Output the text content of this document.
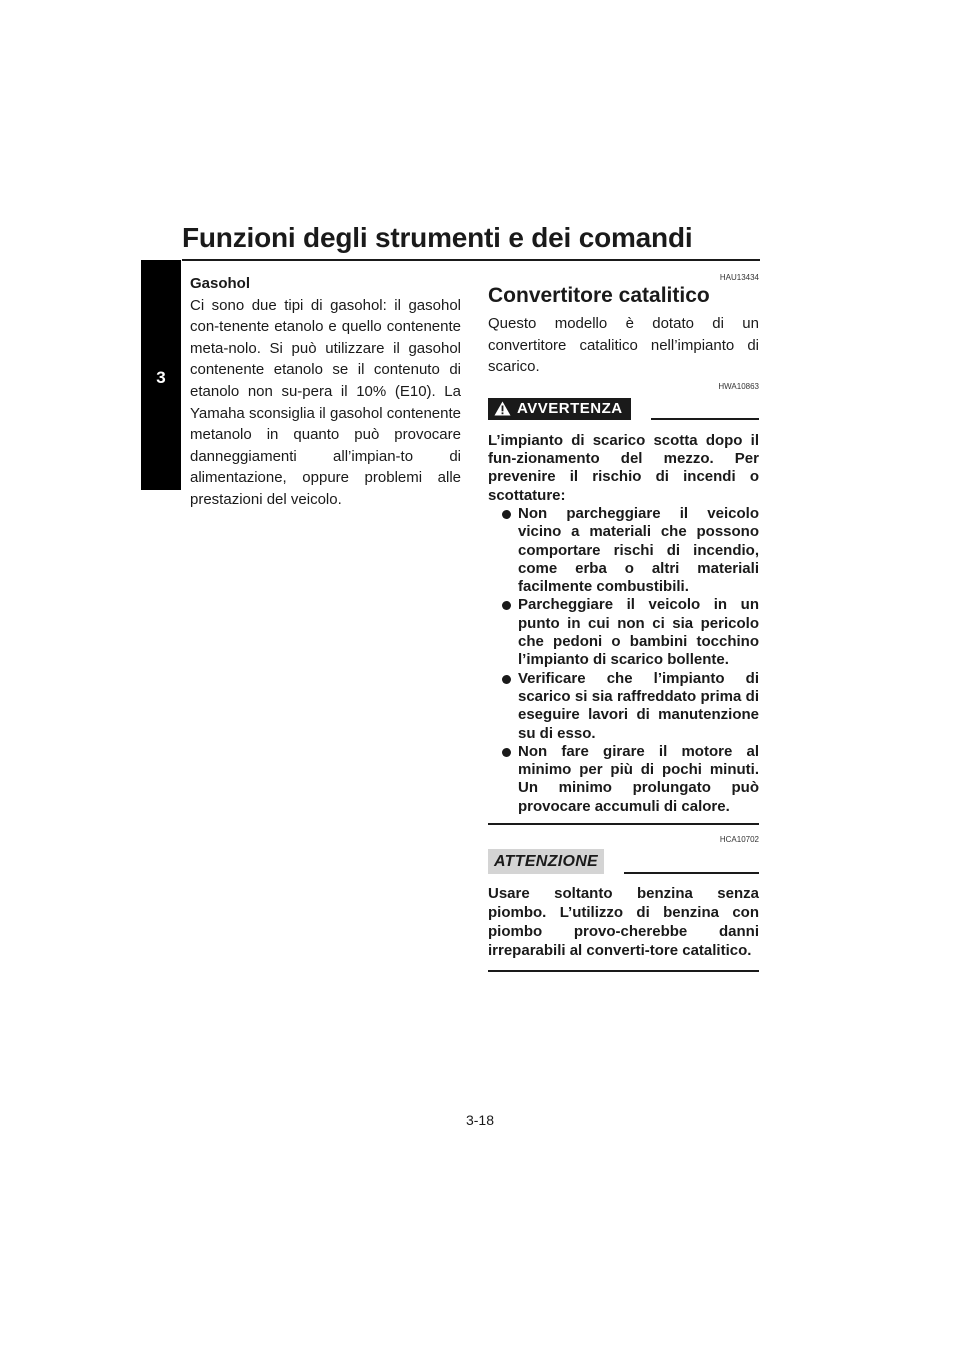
Funzioni degli strumenti e dei comandi
3
Gasohol
Ci sono due tipi di gasohol: il gasohol con-tenente etanolo e quello contenente meta-nolo. Si può utilizzare il gasohol contenente etanolo se il contenuto di etanolo non su-pera il 10% (E10). La Yamaha sconsiglia il gasohol contenente metanolo in quanto può provocare danneggiamenti all’impian-to di alimentazione, oppure problemi alle prestazioni del veicolo.
HAU13434
Convertitore catalitico
Questo modello è dotato di un convertitore catalitico nell’impianto di scarico.
HWA10863
AVVERTENZA
L’impianto di scarico scotta dopo il fun-zionamento del mezzo. Per prevenire il rischio di incendi o scottature:
Non parcheggiare il veicolo vicino a materiali che possono comportare rischi di incendio, come erba o altri materiali facilmente combustibili.
Parcheggiare il veicolo in un punto in cui non ci sia pericolo che pedoni o bambini tocchino l’impianto di scarico bollente.
Verificare che l’impianto di scarico si sia raffreddato prima di eseguire lavori di manutenzione su di esso.
Non fare girare il motore al minimo per più di pochi minuti. Un minimo prolungato può provocare accumuli di calore.
HCA10702
ATTENZIONE
Usare soltanto benzina senza piombo. L’utilizzo di benzina con piombo provo-cherebbe danni irreparabili al converti-tore catalitico.
3-18
